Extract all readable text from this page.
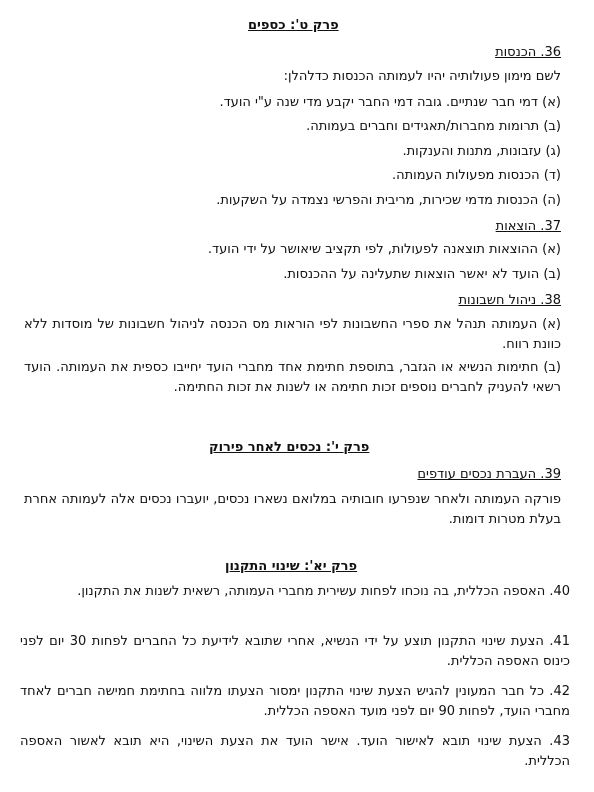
פרק ט': כספים
36. הכנסות
לשם מימון פעולותיה יהיו לעמותה הכנסות כדלהלן:
(א) דמי חבר שנתיים. גובה דמי החבר יקבע מדי שנה ע"י הועד.
(ב) תרומות מחברות/תאגידים וחברים בעמותה.
(ג) עזבונות, מתנות והענקות.
(ד) הכנסות מפעולות העמותה.
(ה) הכנסות מדמי שכירות, מריבית והפרשי נצמדה על השקעות.
37. הוצאות
(א) ההוצאות תוצאנה לפעולות, לפי תקציב שיאושר על ידי הועד.
(ב) הועד לא יאשר הוצאות שתעלינה על ההכנסות.
38. ניהול חשבונות
(א) העמותה תנהל את ספרי החשבונות לפי הוראות מס הכנסה לניהול חשבונות של מוסדות ללא כוונת רווח.
(ב) חתימות הנשיא או הגזבר, בתוספת חתימת אחד מחברי הועד יחייבו כספית את העמותה. הועד רשאי להעניק לחברים נוספים זכות חתימה או לשנות את זכות החתימה.
פרק י': נכסים לאחר פירוק
39. העברת נכסים עודפים
פורקה העמותה ולאחר שנפרעו חובותיה במלואם נשארו נכסים, יועברו נכסים אלה לעמותה אחרת בעלת מטרות דומות.
פרק יא': שינוי התקנון
40. האספה הכללית, בה נוכחו לפחות עשירית מחברי העמותה, רשאית לשנות את התקנון.
41. הצעת שינוי התקנון תוצע על ידי הנשיא, אחרי שתובא לידיעת כל החברים לפחות 30 יום לפני כינוס האספה הכללית.
42. כל חבר המעונין להגיש הצעת שינוי התקנון ימסור הצעתו מלווה בחתימת חמישה חברים לאחד מחברי הועד, לפחות 90 יום לפני מועד האספה הכללית.
43. הצעת שינוי תובא לאישור הועד. אישר הועד את הצעת השינוי, היא תובא לאשור האספה הכללית.
